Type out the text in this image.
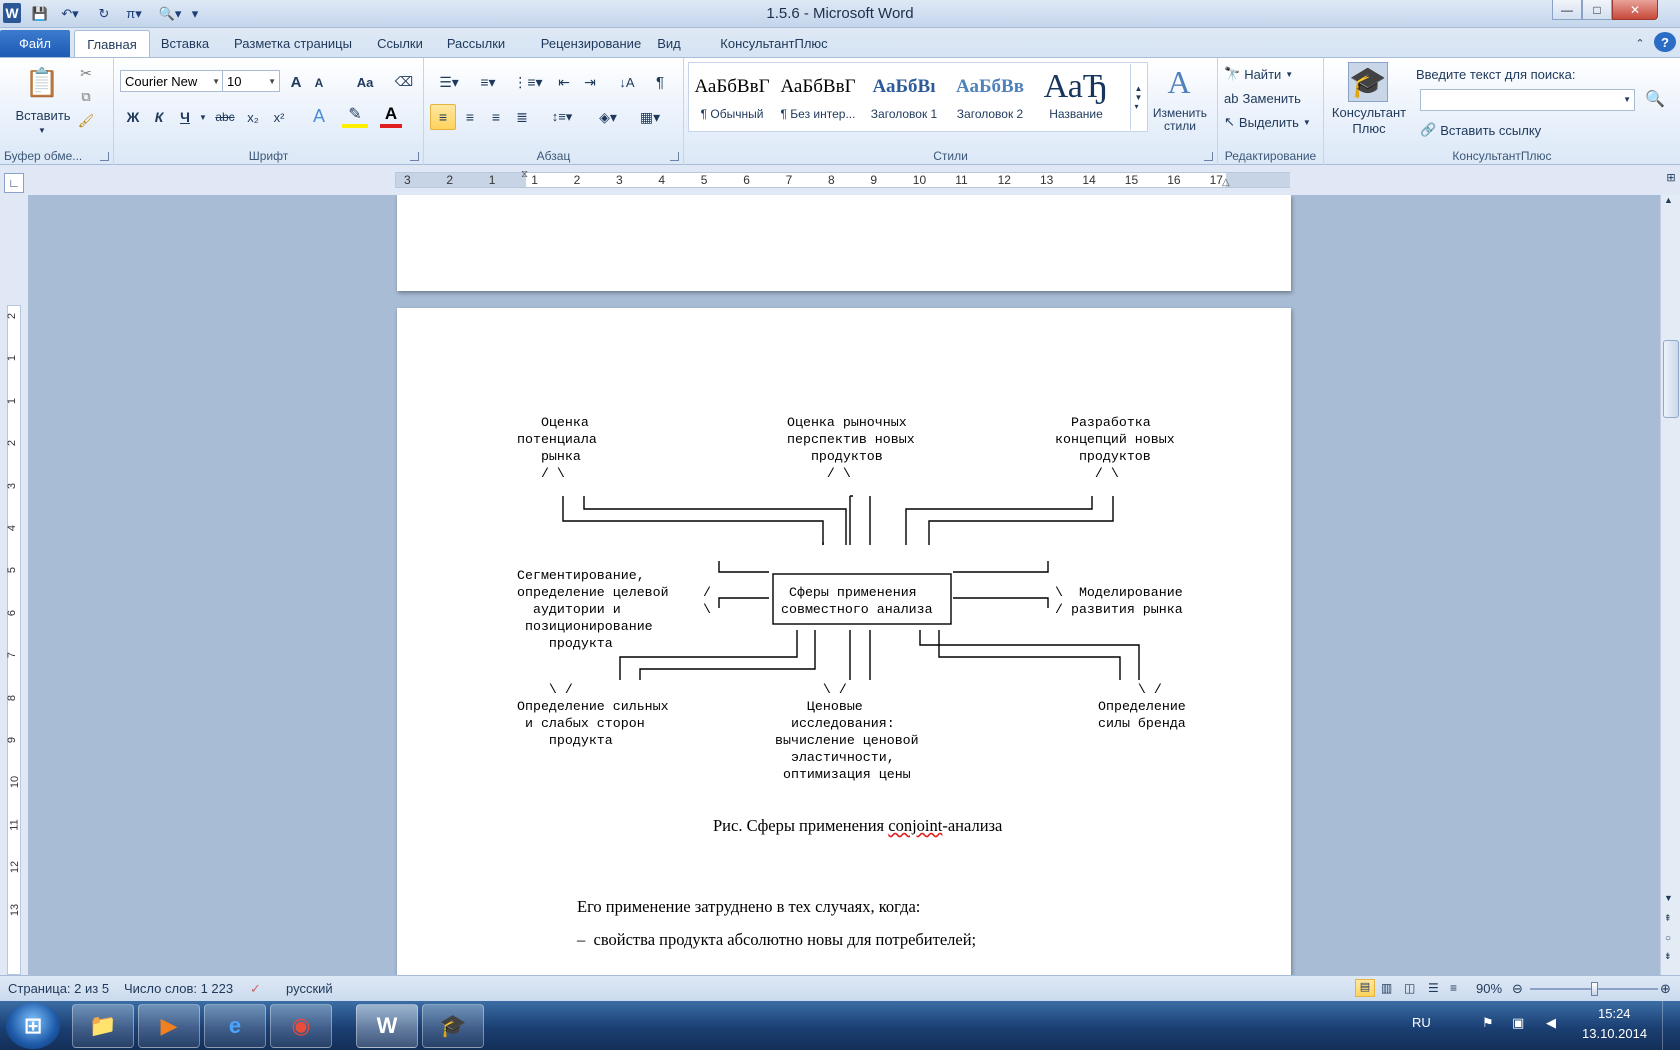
W 💾	↶▾	↻	π▾	🔍▾ ▾	1.5.6 - Microsoft Word	—	□	✕
Файл	Главная	Вставка	Разметка страницы	Ссылки	Рассылки	Рецензирование	Вид	КонсультантПлюс	⌃	?
📋
Вставить
▼
✂
⧉
🖌
Буфер обме...
Courier New ▼ 10	▼ A	A	Aa	⌫
Ж	К	Ч	▼ abc x₂	x²	A	✎	A
Шрифт
☰▾	≡▾	⋮≡▾ ⇤ ⇥	↓A	¶
≡	≡	≡	≣	↕≡▾	◈▾	▦▾
Абзац
АаБбВвГ
¶ Обычный
АаБбВвГ
¶ Без интер...
АаБбВı
Заголовок 1
АаБбВв
Заголовок 2
АаЂ
Название
▲
▼
▾
A
Изменить стили
Стили
🔭 Найти ▼
ab Заменить
↖ Выделить ▼
Редактирование
🎓
Консультант Плюс
Введите текст для поиска:
🔗 Вставить ссылку
🔍
КонсультантПлюс
▼
∟	3	2	1	1	2	3	4	5	6	7	8	9	10 11 12 13 14 15 16 17
⧖
△	⊞
2
1
1
2
3
4
5
6
7
8
9
10
11
12
13
Оценка
потенциала
рынка
/ \
Оценка рыночных
перспектив новых
продуктов
/ \
Разработка
концепций новых
продуктов
/ \
Сферы применения
совместного анализа
Сегментирование,
определение целевой
аудитории и
позиционирование
продукта
/
\
\  Моделирование
/ развития рынка
\ /
Определение сильных
и слабых сторон
продукта
\ /
Ценовые
исследования:
вычисление ценовой
эластичности,
оптимизация цены
\ /
Определение
силы бренда
Рис. Сферы применения conjoint-анализа
Его применение затруднено в тех случаях, когда:
–  свойства продукта абсолютно новы для потребителей;
▲
▼
⇞
○
⇟
Страница: 2 из 5 Число слов: 1 223 ✓ русский	▤ ▥ ◫ ☰ ≡ 90% ⊖	⊕
⊞	📁	▶	e	◉	W	🎓	RU	⚑ ▣ ◀
15:24
13.10.2014
